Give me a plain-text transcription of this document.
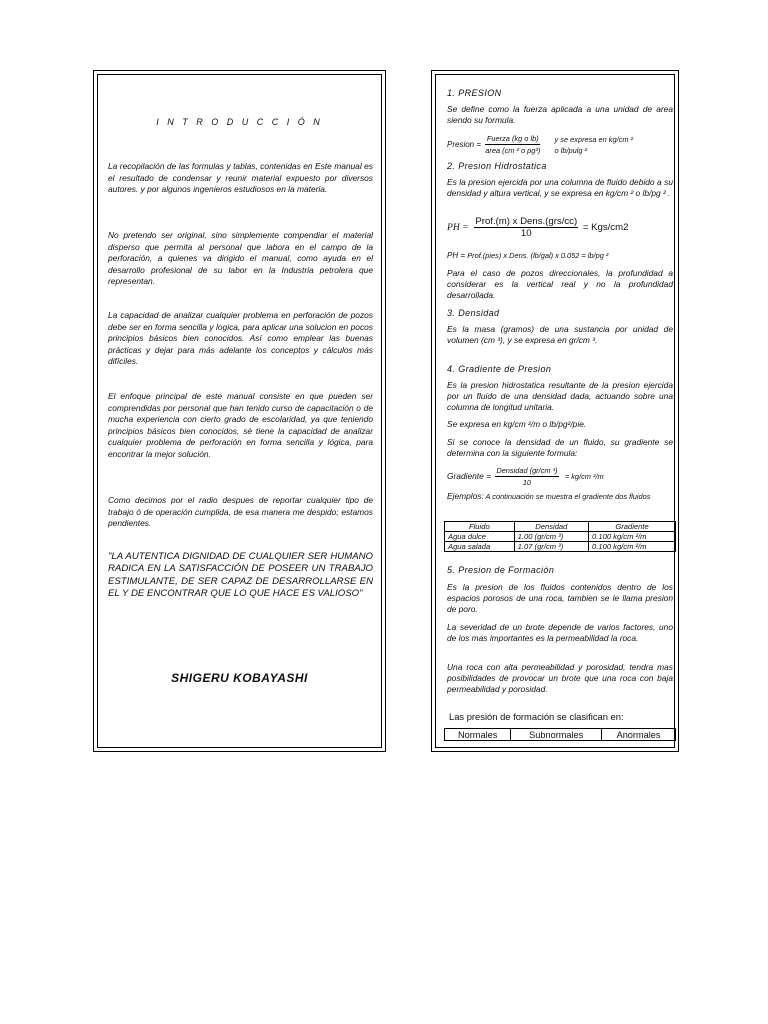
I N T R O D U C C I Ó N

La recopilación de las formulas y tablas, contenidas en Este manual es el resultado de condensar y reunir material expuesto por diversos autores. y por algunos ingenieros estudiosos en la materia.

No pretendo ser original, sino simplemente compendiar el material disperso que permita al personal que labora en el campo de la perforación, a quienes va dirigido el manual, como ayuda en el desarrollo profesional de su labor en la Industria petrolera que representan.

La capacidad de analizar cualquier problema en perforación de pozos debe ser en forma sencilla y logica, para aplicar una solucion en pocos principios básicos bien conocidos. Así como emplear las buenas prácticas y dejar para más adelante los conceptos y cálculos más difíciles.

El enfoque principal de este manual consiste en que pueden ser comprendidas por personal que han tenido curso de capacitación o de mucha experiencia con cierto grado de escolaridad, ya que teniendo principios básicos bien conocidos, sé tiene la capacidad de analizar cualquier problema de perforación en forma sencilla y lógica, para encontrar la mejor solución.

Como decimos por el radio despues de reportar cualquier tipo de trabajo ó de operación cumplida, de esa manera me despido; estamos pendientes.

"LA AUTENTICA DIGNIDAD DE CUALQUIER SER HUMANO RADICA EN LA SATISFACCIÓN DE POSEER UN TRABAJO ESTIMULANTE, DE SER CAPAZ DE DESARROLLARSE EN EL Y DE ENCONTRAR QUE LO QUE HACE ES VALIOSO"

SHIGERU KOBAYASHI
1. PRESION

Se define como la fuerza aplicada a una unidad de area siendo su formula.

Presion = $\frac{\text{Fuerza (kg o lb)}}{\text{area (cm ² o pg²)}}$
y se expresa en kg/cm ²
o lb/pulg ²
2. Presion Hidrostatica

Es la presion ejercida por una columna de fluido debido a su densidad y altura vertical, y se expresa en kg/cm ² o lb/pg ² .

PH = $\frac{\text{Prof.(m) x Dens.(grs/cc)}}{10} = Kgs/cm2$
PH = Prof.(pies) x Dens. (lb/gal) x 0.052 = lb/pg ²

Para el caso de pozos direccionales, la profundidad a considerar es la vertical real y no la profundidad desarrollada.

3. Densidad

Es la masa (gramos) de una sustancia por unidad de volumen (cm ³), y se expresa en gr/cm ³.

4. Gradiente de Presion

Es la presion hidrostatica resultante de la presion ejercida por un fluido de una densidad dada, actuando sobre una columna de longitud unitaria.

Se expresa en kg/cm ²/m o lb/pg²/pie.

Si se conoce la densidad de un fluido, su gradiente se determina con la siguiente formula:

Gradiente = $\frac{\text{Densidad (gr/cm ³)}}{10} = kg/cm$ ²/m

Ejemplos: A continuación se muestra el gradiente dos fluidos

Fluido	Densidad	Gradiente
Agua dulce	1.00 (gr/cm ³)	0.100 kg/cm ²/m
Agua salada	1.07 (gr/cm ³)	0.100 kg/cm ²/m
5. Presion de Formación

Es la presion de los fluidos contenidos dentro de los espacios porosos de una roca, tambien se le llama presion de poro.

La severidad de un brote depende de varios factores, uno de los mas importantes es la permeabilidad la roca.

Una roca con alta permeabilidad y porosidad, tendra mas posibilidades de provocar un brote que una roca con baja permeabilidad y porosidad.

Las presión de formación se clasifican en:

Normales	Subnormales	Anormales
